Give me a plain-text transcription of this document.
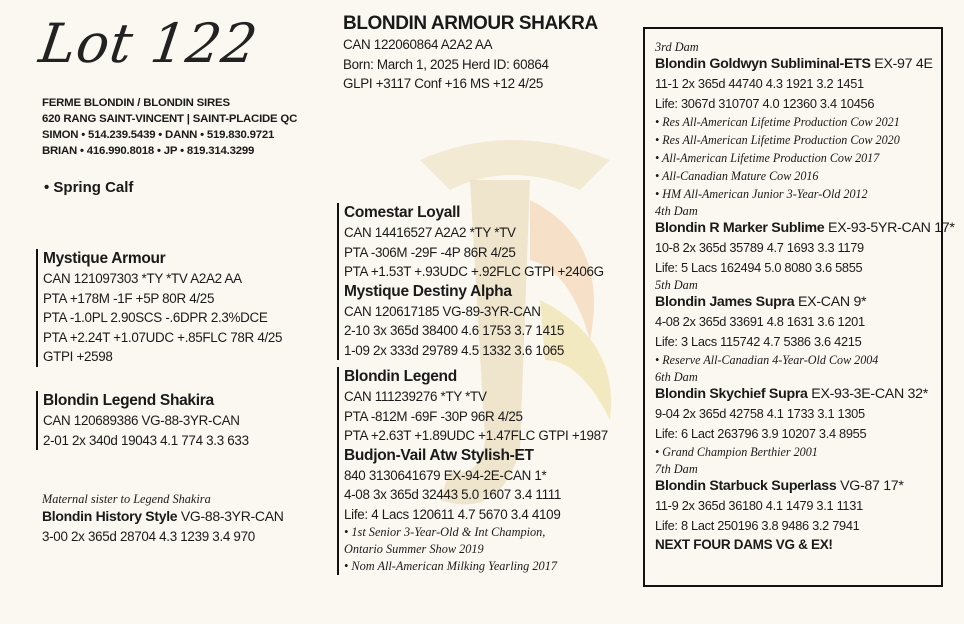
Lot 122
FERME BLONDIN / BLONDIN SIRES
620 RANG SAINT-VINCENT | SAINT-PLACIDE QC
SIMON • 514.239.5439 • DANN • 519.830.9721
BRIAN • 416.990.8018 • JP • 819.314.3299
• Spring Calf
Mystique Armour
CAN 121097303 *TY *TV A2A2 AA
PTA +178M -1F +5P 80R 4/25
PTA -1.0PL 2.90SCS -.6DPR 2.3%DCE
PTA +2.24T +1.07UDC +.85FLC 78R 4/25
GTPI +2598
Blondin Legend Shakira
CAN 120689386 VG-88-3YR-CAN
2-01 2x 340d 19043 4.1 774 3.3 633
Maternal sister to Legend Shakira
Blondin History Style VG-88-3YR-CAN
3-00 2x 365d 28704 4.3 1239 3.4 970
BLONDIN ARMOUR SHAKRA
CAN 122060864 A2A2 AA
Born: March 1, 2025 Herd ID: 60864
GLPI +3117 Conf +16 MS +12 4/25
Comestar Loyall
CAN 14416527 A2A2 *TY *TV
PTA -306M -29F -4P 86R 4/25
PTA +1.53T +.93UDC +.92FLC GTPI +2406G
Mystique Destiny Alpha
CAN 120617185 VG-89-3YR-CAN
2-10 3x 365d 38400 4.6 1753 3.7 1415
1-09 2x 333d 29789 4.5 1332 3.6 1065
Blondin Legend
CAN 111239276 *TY *TV
PTA -812M -69F -30P 96R 4/25
PTA +2.63T +1.89UDC +1.47FLC GTPI +1987
Budjon-Vail Atw Stylish-ET
840 3130641679 EX-94-2E-CAN 1*
4-08 3x 365d 32443 5.0 1607 3.4 1111
Life: 4 Lacs 120611 4.7 5670 3.4 4109
• 1st Senior 3-Year-Old & Int Champion,
Ontario Summer Show 2019
• Nom All-American Milking Yearling 2017
3rd Dam
Blondin Goldwyn Subliminal-ETS EX-97 4E
11-1 2x 365d 44740 4.3 1921 3.2 1451
Life: 3067d 310707 4.0 12360 3.4 10456
• Res All-American Lifetime Production Cow 2021
• Res All-American Lifetime Production Cow 2020
• All-American Lifetime Production Cow 2017
• All-Canadian Mature Cow 2016
• HM All-American Junior 3-Year-Old 2012
4th Dam
Blondin R Marker Sublime EX-93-5YR-CAN 17*
10-8 2x 365d 35789 4.7 1693 3.3 1179
Life: 5 Lacs 162494 5.0 8080 3.6 5855
5th Dam
Blondin James Supra EX-CAN 9*
4-08 2x 365d 33691 4.8 1631 3.6 1201
Life: 3 Lacs 115742 4.7 5386 3.6 4215
• Reserve All-Canadian 4-Year-Old Cow 2004
6th Dam
Blondin Skychief Supra EX-93-3E-CAN 32*
9-04 2x 365d 42758 4.1 1733 3.1 1305
Life: 6 Lact 263796 3.9 10207 3.4 8955
• Grand Champion Berthier 2001
7th Dam
Blondin Starbuck Superlass VG-87 17*
11-9 2x 365d 36180 4.1 1479 3.1 1131
Life: 8 Lact 250196 3.8 9486 3.2 7941
NEXT FOUR DAMS VG & EX!
